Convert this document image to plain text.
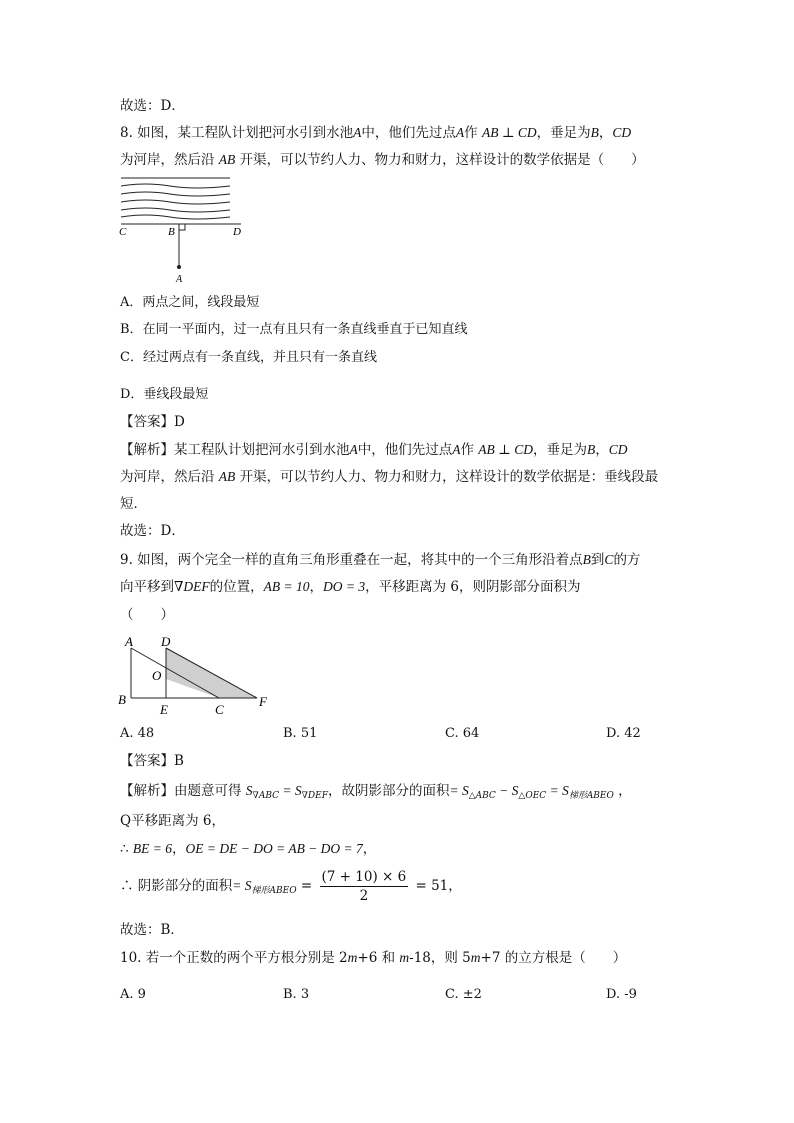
故选：D．
8. 如图，某工程队计划把河水引到水池A中，他们先过点A作 AB ⊥ CD，垂足为B，CD
为河岸，然后沿 AB 开渠，可以节约人力、物力和财力，这样设计的数学依据是（　　）
C	B	D
A
A．两点之间，线段最短
B．在同一平面内，过一点有且只有一条直线垂直于已知直线
C．经过两点有一条直线，并且只有一条直线
D．垂线段最短
【答案】D
【解析】某工程队计划把河水引到水池A中，他们先过点A作 AB ⊥ CD，垂足为B，CD
为河岸，然后沿 AB 开渠，可以节约人力、物力和财力，这样设计的数学依据是：垂线段最
短．
故选：D．
9. 如图，两个完全一样的直角三角形重叠在一起，将其中的一个三角形沿着点B到C的方
向平移到∇DEF的位置，AB = 10，DO = 3，平移距离为 6，则阴影部分面积为
（　　）
A D
O
B
E	C
F
A. 48	B. 51	C. 64	D. 42
【答案】B
【解析】由题意可得 $S_{\nabla ABC} = S_{\nabla DEF}$，故阴影部分的面积= $S_{\triangle ABC} - S_{\triangle OEC} = S_{梯形ABEO}$ ，
Q平移距离为 6，
∴ BE = 6，OE = DE − DO = AB − DO = 7，
∴ 阴影部分的面积= $S_{梯形ABEO} = \frac{(7 + 10) \times 6}{2} = 51$，
故选：B．
10. 若一个正数的两个平方根分别是 2m+6 和 m-18，则 5m+7 的立方根是（　　）
A. 9	B. 3	C. ±2	D. -9
